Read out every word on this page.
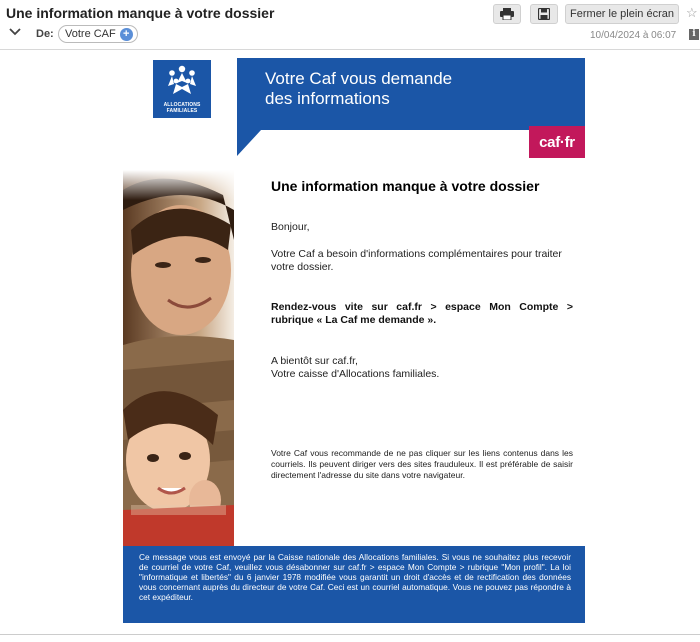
Une information manque à votre dossier	Fermer le plein écran ☆
De: Votre CAF +	10/04/2024 à 06:07	i
ALLOCATIONS
FAMILIALES
Votre Caf vous demande
des informations
caf·fr
Une information manque à votre dossier
Bonjour,
Votre Caf a besoin d'informations complémentaires pour traiter votre dossier.
Rendez-vous vite sur caf.fr > espace Mon Compte > rubrique « La Caf me demande ».
A bientôt sur caf.fr,
Votre caisse d'Allocations familiales.
Votre Caf vous recommande de ne pas cliquer sur les liens contenus dans les courriels. Ils peuvent diriger vers des sites frauduleux. Il est préférable de saisir directement l'adresse du site dans votre navigateur.
Ce message vous est envoyé par la Caisse nationale des Allocations familiales. Si vous ne souhaitez plus recevoir de courriel de votre Caf, veuillez vous désabonner sur caf.fr > espace Mon Compte > rubrique "Mon profil". La loi "informatique et libertés" du 6 janvier 1978 modifiée vous garantit un droit d'accès et de rectification des données vous concernant auprès du directeur de votre Caf. Ceci est un courriel automatique. Vous ne pouvez pas répondre à cet expéditeur.
